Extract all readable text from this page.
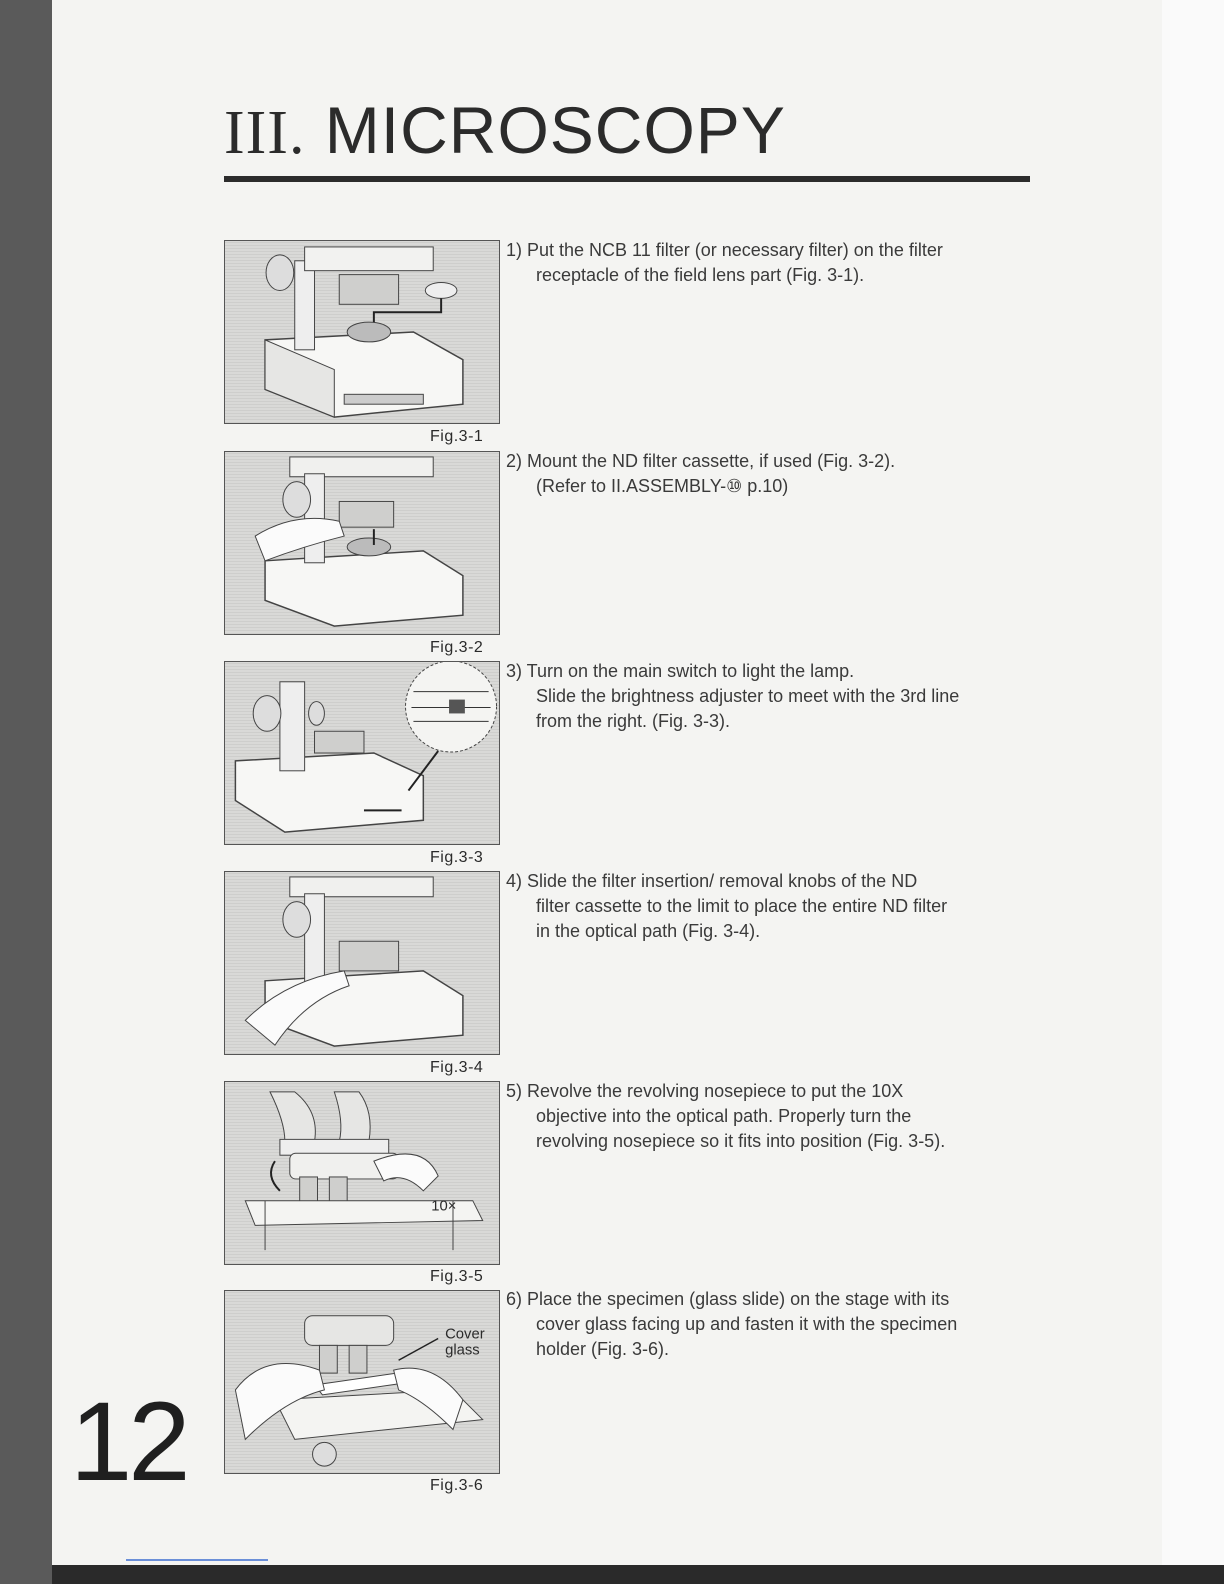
III. MICROSCOPY
Fig.3-1
Fig.3-2
Fig.3-3
Fig.3-4
10×
Fig.3-5
Cover
glass
Fig.3-6
1) Put the NCB 11 filter (or necessary filter) on the filter
receptacle of the field lens part (Fig. 3-1).
2) Mount the ND filter cassette, if used (Fig. 3-2).
(Refer to II.ASSEMBLY-⑩ p.10)
3) Turn on the main switch to light the lamp.
Slide the brightness adjuster to meet with the 3rd line
from the right. (Fig. 3-3).
4) Slide the filter insertion/ removal knobs of the ND
filter cassette to the limit to place the entire ND filter
in the optical path (Fig. 3-4).
5) Revolve the revolving nosepiece to put the 10X
objective into the optical path. Properly turn the
revolving nosepiece so it fits into position (Fig. 3-5).
6) Place the specimen (glass slide) on the stage with its
cover glass facing up and fasten it with the specimen
holder (Fig. 3-6).
12
